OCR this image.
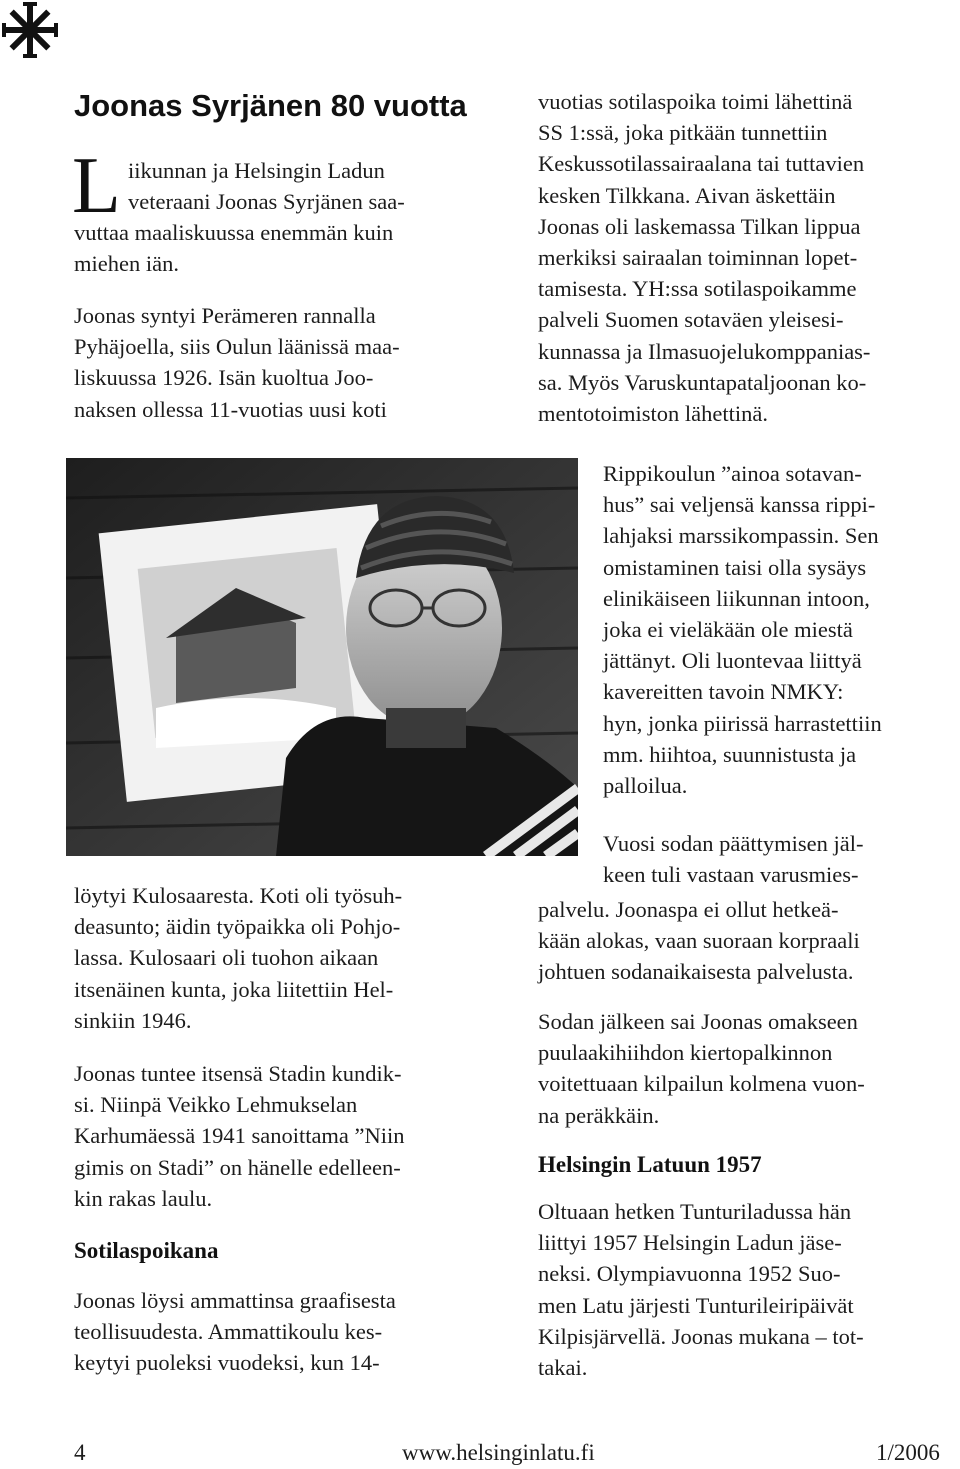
Joonas Syrjänen 80 vuotta
L iikunnan ja Helsingin Ladun
veteraani Joonas Syrjänen saa-
vuttaa maaliskuussa enemmän kuin
miehen iän.
Joonas syntyi Perämeren rannalla
Pyhäjoella, siis Oulun läänissä maa-
liskuussa 1926. Isän kuoltua Joo-
naksen ollessa 11-vuotias uusi koti
löytyi Kulosaaresta. Koti oli työsuh-
deasunto; äidin työpaikka oli Pohjo-
lassa. Kulosaari oli tuohon aikaan
itsenäinen kunta, joka liitettiin Hel-
sinkiin 1946.
Joonas tuntee itsensä Stadin kundik-
si. Niinpä Veikko Lehmukselan
Karhumäessä 1941 sanoittama ”Niin
gimis on Stadi” on hänelle edelleen-
kin rakas laulu.
Sotilaspoikana
Joonas löysi ammattinsa graafisesta
teollisuudesta. Ammattikoulu kes-
keytyi puoleksi vuodeksi, kun 14-
vuotias sotilaspoika toimi lähettinä
SS 1:ssä, joka pitkään tunnettiin
Keskussotilassairaalana tai tuttavien
kesken Tilkkana. Aivan äskettäin
Joonas oli laskemassa Tilkan lippua
merkiksi sairaalan toiminnan lopet-
tamisesta. YH:ssa sotilaspoikamme
palveli Suomen sotaväen yleisesi-
kunnassa ja Ilmasuojelukomppanias-
sa. Myös Varuskuntapataljoonan ko-
mentotoimiston lähettinä.
Rippikoulun ”ainoa sotavan-
hus” sai veljensä kanssa rippi-
lahjaksi marssikompassin. Sen
omistaminen taisi olla sysäys
elinikäiseen liikunnan intoon,
joka ei vieläkään ole miestä
jättänyt. Oli luontevaa liittyä
kavereitten tavoin NMKY:
hyn, jonka piirissä harrastettiin
mm. hiihtoa, suunnistusta ja
palloilua.
Vuosi sodan päättymisen jäl-
keen tuli vastaan varusmies-
palvelu. Joonaspa ei ollut hetkeä-
kään alokas, vaan suoraan korpraali
johtuen sodanaikaisesta palvelusta.
Sodan jälkeen sai Joonas omakseen
puulaakihiihdon kiertopalkinnon
voitettuaan kilpailun kolmena vuon-
na peräkkäin.
Helsingin Latuun 1957
Oltuaan hetken Tunturiladussa hän
liittyi 1957 Helsingin Ladun jäse-
neksi. Olympiavuonna 1952 Suo-
men Latu järjesti Tunturileiripäivät
Kilpisjärvellä. Joonas mukana – tot-
takai.
4	www.helsinginlatu.fi	1/2006
